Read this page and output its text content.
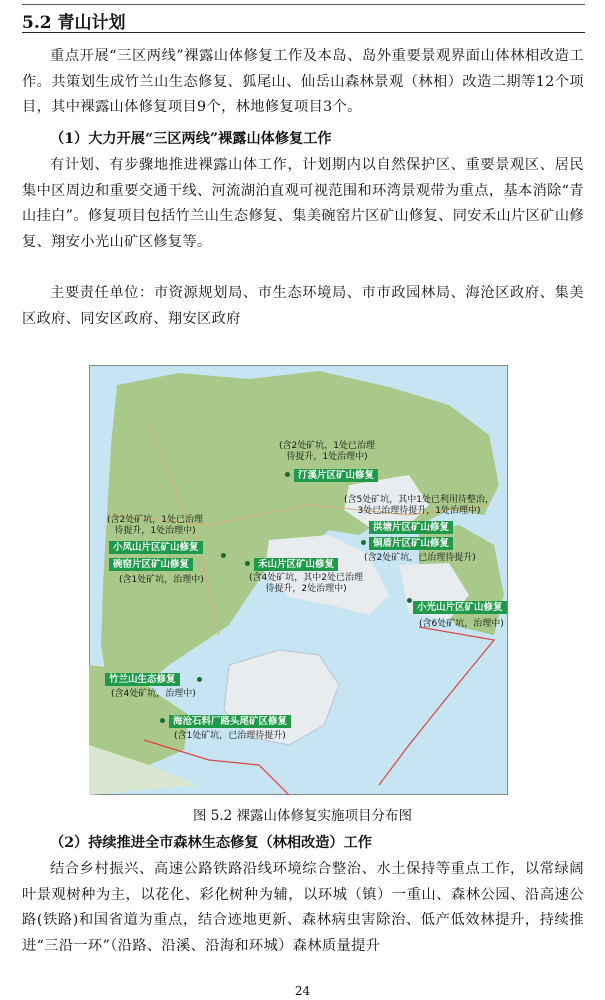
5.2 青山计划
重点开展“三区两线”裸露山体修复工作及本岛、岛外重要景观界面山体林相改造工作。共策划生成竹兰山生态修复、狐尾山、仙岳山森林景观（林相）改造二期等12个项目，其中裸露山体修复项目9个，林地修复项目3个。
（1）大力开展“三区两线”裸露山体修复工作
有计划、有步骤地推进裸露山体工作，计划期内以自然保护区、重要景观区、居民集中区周边和重要交通干线、河流湖泊直观可视范围和环湾景观带为重点，基本消除“青山挂白”。修复项目包括竹兰山生态修复、集美碗窑片区矿山修复、同安禾山片区矿山修复、翔安小光山矿区修复等。
主要责任单位：市资源规划局、市生态环境局、市市政园林局、海沧区政府、集美区政府、同安区政府、翔安区政府
(含2处矿坑，1处已治理
待提升，1处治理中)
汀溪片区矿山修复
(含5处矿坑，其中1处已利用待整治，
3处已治理待提升，1处治理中)
洪塘片区矿山修复
铜盾片区矿山修复
(含2处矿坑，已治理待提升)
(含2处矿坑，1处已治理
待提升，1处治理中)
小凤山片区矿山修复
碗窑片区矿山修复
(含1处矿坑，治理中)
禾山片区矿山修复
(含4处矿坑，其中2处已治理
待提升，2处治理中)
小光山片区矿山修复
(含6处矿坑，治理中)
竹兰山生态修复
(含4处矿坑，治理中)
海沧石料厂路头尾矿区修复
(含1处矿坑，已治理待提升)
图 5.2 裸露山体修复实施项目分布图
（2）持续推进全市森林生态修复（林相改造）工作
结合乡村振兴、高速公路铁路沿线环境综合整治、水土保持等重点工作，以常绿阔叶景观树种为主，以花化、彩化树种为辅，以环城（镇）一重山、森林公园、沿高速公路(铁路)和国省道为重点，结合迹地更新、森林病虫害除治、低产低效林提升，持续推进“三沿一环”（沿路、沿溪、沿海和环城）森林质量提升
24
